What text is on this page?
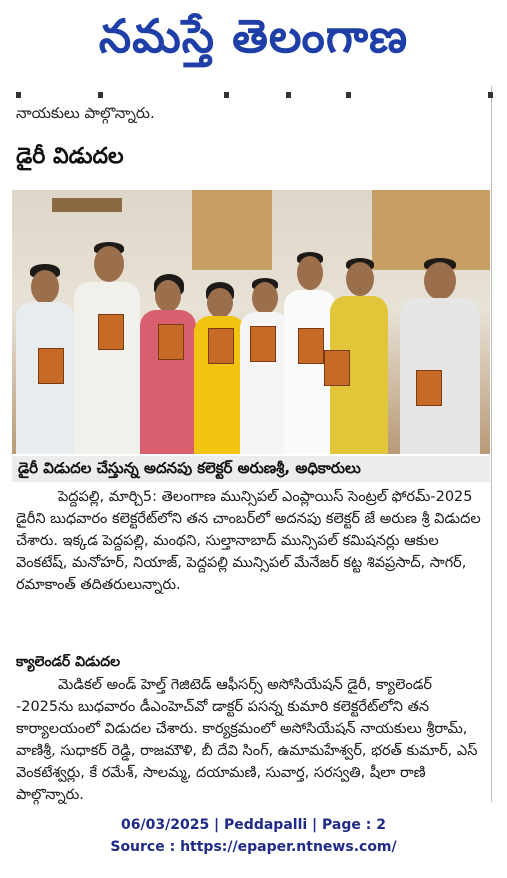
నమస్తే తెలంగాణ
నాయకులు పాల్గొన్నారు.
డైరీ విడుదల
డైరీ విడుదల చేస్తున్న అదనపు కలెక్టర్ అరుణశ్రీ, అధికారులు

పెద్దపల్లి, మార్చి5: తెలంగాణ మున్సిపల్ ఎంప్లాయిస్ సెంట్రల్ ఫోరమ్-2025 డైరీని బుధవారం కలెక్టరేట్‌లోని తన చాంబర్‌లో అదనపు కలెక్టర్ జే అరుణ శ్రీ విడుదల చేశారు. ఇక్కడ పెద్దపల్లి, మంథని, సుల్తానాబాద్ మున్సిపల్ కమిషనర్లు ఆకుల వెంకటేష్, మనోహర్, నియాజ్, పెద్దపల్లి మున్సిపల్ మేనేజర్ కట్ట శివప్రసాద్, సాగర్, రమాకాంత్ తదితరులున్నారు.

క్యాలెండర్ విడుదల

మెడికల్ అండ్ హెల్త్ గెజిటెడ్ ఆఫీసర్స్ అసోసియేషన్ డైరీ, క్యాలెండర్ -2025ను బుధవారం డీఎంహెచ్‌వో డాక్టర్ పసన్న కుమారి కలెక్టరేట్‌లోని తన కార్యాలయంలో విడుదల చేశారు. కార్యక్రమంలో అసోసియేషన్ నాయకులు శ్రీరామ్, వాణిశ్రీ, సుధాకర్ రెడ్డి, రాజమౌళి, బీ దేవి సింగ్, ఉమామహేశ్వర్, భరత్ కుమార్, ఎస్ వెంకటేశ్వర్లు, కే రమేశ్, సాలమ్మ, దయామణి, సువార్త, సరస్వతి, షీలా రాణి పాల్గొన్నారు.

06/03/2025 | Peddapalli | Page : 2
Source : https://epaper.ntnews.com/
